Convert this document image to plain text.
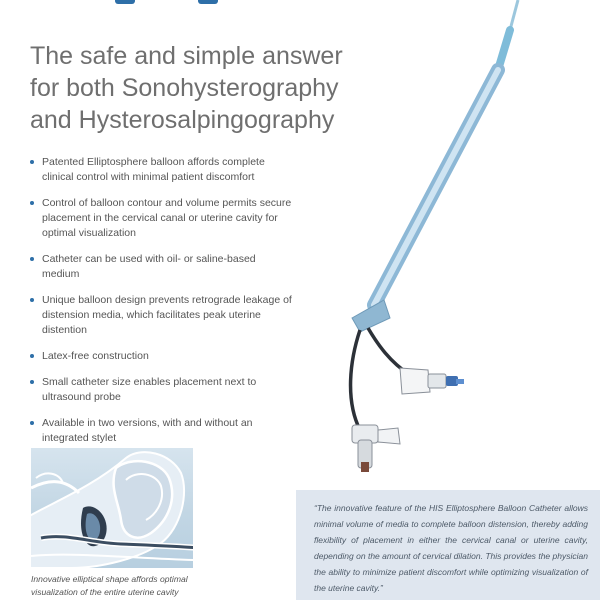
The safe and simple answer
for both Sonohysterography
and Hysterosalpingography
Patented Elliptosphere balloon affords complete clinical control with minimal patient discomfort
Control of balloon contour and volume permits secure placement in the cervical canal or uterine cavity for optimal visualization
Catheter can be used with oil- or saline-based medium
Unique balloon design prevents retrograde leakage of distension media, which facilitates peak uterine distention
Latex-free construction
Small catheter size enables placement next to ultrasound probe
Available in two versions, with and without an integrated stylet
Innovative elliptical shape affords optimal visualization of the entire uterine cavity

“The innovative feature of the HIS Elliptosphere Balloon Catheter allows minimal volume of media to complete balloon distension, thereby adding flexibility of placement in either the cervical canal or uterine cavity, depending on the amount of cervical dilation. This provides the physician the ability to minimize patient discomfort while optimizing visualization of the uterine cavity.”
